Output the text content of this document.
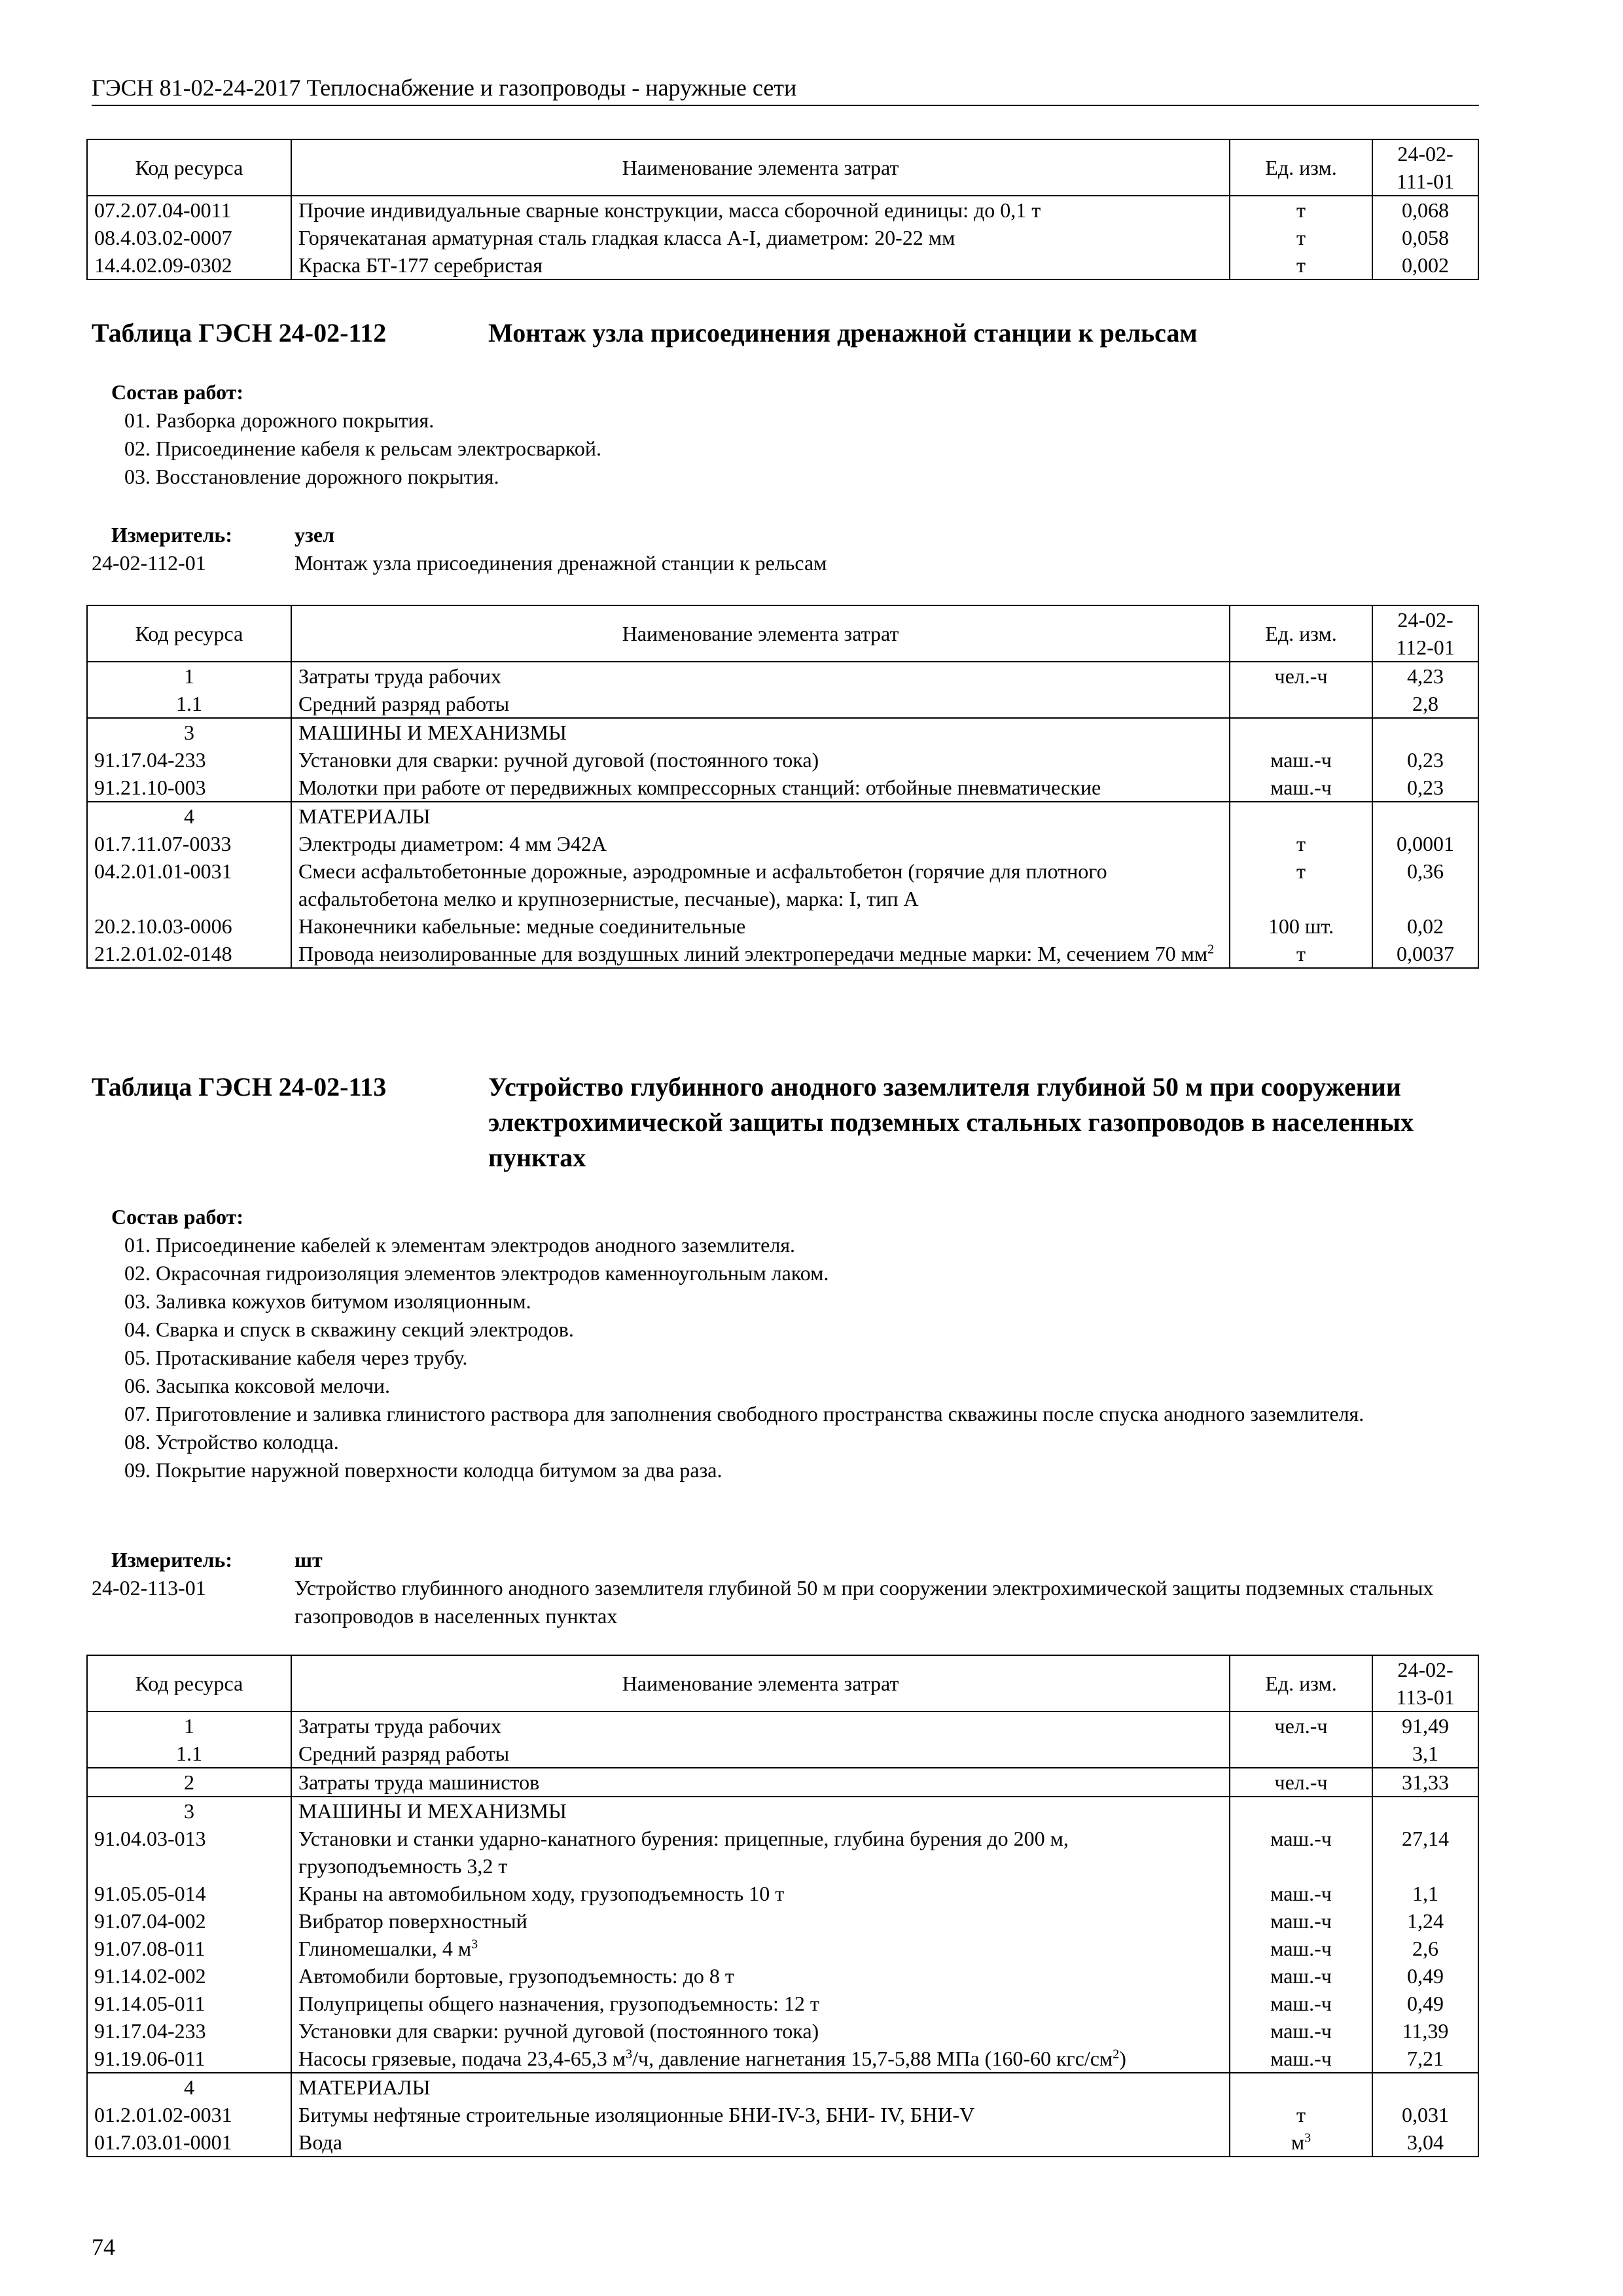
ГЭСН 81-02-24-2017 Теплоснабжение и газопроводы - наружные сети
Код ресурса	Наименование элемента затрат	Ед. изм.	24-02-
111-01
07.2.07.04-0011	Прочие индивидуальные сварные конструкции, масса сборочной единицы: до 0,1 т	т	0,068
08.4.03.02-0007	Горячекатаная арматурная сталь гладкая класса А-I, диаметром: 20-22 мм	т	0,058
14.4.02.09-0302	Краска БТ-177 серебристая	т	0,002
Таблица ГЭСН 24-02-112	Монтаж узла присоединения дренажной станции к рельсам
Состав работ:
01. Разборка дорожного покрытия.
02. Присоединение кабеля к рельсам электросваркой.
03. Восстановление дорожного покрытия.
Измеритель:	узел
24-02-112-01	Монтаж узла присоединения дренажной станции к рельсам
Код ресурса	Наименование элемента затрат	Ед. изм.	24-02-
112-01
1	Затраты труда рабочих	чел.-ч	4,23
1.1	Средний разряд работы		2,8
3	МАШИНЫ И МЕХАНИЗМЫ		
91.17.04-233	Установки для сварки: ручной дуговой (постоянного тока)	маш.-ч	0,23
91.21.10-003	Молотки при работе от передвижных компрессорных станций: отбойные пневматические	маш.-ч	0,23
4	МАТЕРИАЛЫ		
01.7.11.07-0033	Электроды диаметром: 4 мм Э42А	т	0,0001
04.2.01.01-0031	Смеси асфальтобетонные дорожные, аэродромные и асфальтобетон (горячие для плотного асфальтобетона мелко и крупнозернистые, песчаные), марка: I, тип А	т	0,36
20.2.10.03-0006	Наконечники кабельные: медные соединительные	100 шт.	0,02
21.2.01.02-0148	Провода неизолированные для воздушных линий электропередачи медные марки: М, сечением 70 $мм^2$	т	0,0037
Таблица ГЭСН 24-02-113	Устройство глубинного анодного заземлителя глубиной 50 м при сооружении электрохимической защиты подземных стальных газопроводов в населенных пунктах
Состав работ:
01. Присоединение кабелей к элементам электродов анодного заземлителя.
02. Окрасочная гидроизоляция элементов электродов каменноугольным лаком.
03. Заливка кожухов битумом изоляционным.
04. Сварка и спуск в скважину секций электродов.
05. Протаскивание кабеля через трубу.
06. Засыпка коксовой мелочи.
07. Приготовление и заливка глинистого раствора для заполнения свободного пространства скважины после спуска анодного заземлителя.
08. Устройство колодца.
09. Покрытие наружной поверхности колодца битумом за два раза.
Измеритель:	шт
24-02-113-01	Устройство глубинного анодного заземлителя глубиной 50 м при сооружении электрохимической защиты подземных стальных газопроводов в населенных пунктах
Код ресурса	Наименование элемента затрат	Ед. изм.	24-02-
113-01
1	Затраты труда рабочих	чел.-ч	91,49
1.1	Средний разряд работы		3,1
2	Затраты труда машинистов	чел.-ч	31,33
3	МАШИНЫ И МЕХАНИЗМЫ		
91.04.03-013	Установки и станки ударно-канатного бурения: прицепные, глубина бурения до 200 м, грузоподъемность 3,2 т	маш.-ч	27,14
91.05.05-014	Краны на автомобильном ходу, грузоподъемность 10 т	маш.-ч	1,1
91.07.04-002	Вибратор поверхностный	маш.-ч	1,24
91.07.08-011	Глиномешалки, 4 $м^3$	маш.-ч	2,6
91.14.02-002	Автомобили бортовые, грузоподъемность: до 8 т	маш.-ч	0,49
91.14.05-011	Полуприцепы общего назначения, грузоподъемность: 12 т	маш.-ч	0,49
91.17.04-233	Установки для сварки: ручной дуговой (постоянного тока)	маш.-ч	11,39
91.19.06-011	Насосы грязевые, подача 23,4-65,3 $м^3/ч$, давление нагнетания 15,7-5,88 МПа (160-60 кгс/$см^2$)	маш.-ч	7,21
4	МАТЕРИАЛЫ		
01.2.01.02-0031	Битумы нефтяные строительные изоляционные БНИ-IV-3, БНИ- IV, БНИ-V	т	0,031
01.7.03.01-0001	Вода	$м^3$	3,04
74
